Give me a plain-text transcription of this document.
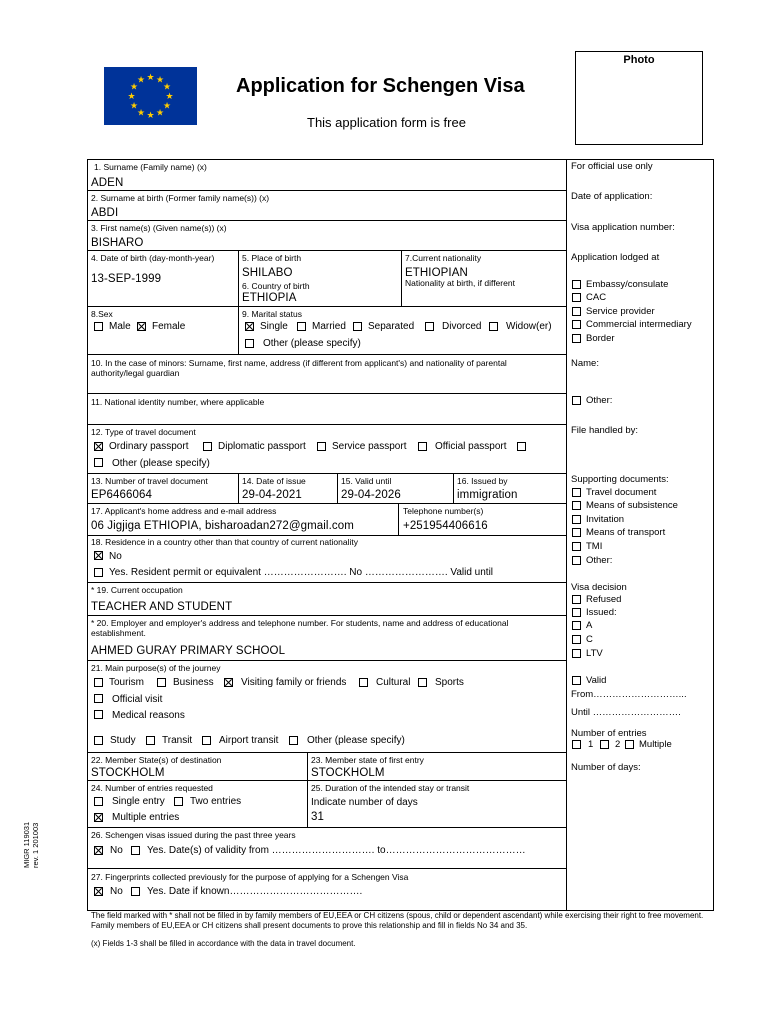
★ ★
★
★
★
★
★
★
★
★
★
★	Application for Schengen Visa
This application form is free
Photo
MIGR 119031
rev. 1 201003
1. Surname (Family name) (x)
ADEN
2. Surname at birth (Former family name(s)) (x)
ABDI
3. First name(s) (Given name(s)) (x)
BISHARO
4. Date of birth (day-month-year)
13-SEP-1999
5. Place of birth
SHILABO
6. Country of birth
ETHIOPIA
7.Current nationality
ETHIOPIAN
Nationality at birth, if different
8.Sex
Male Female
9. Marital status
Single Married Separated	Divorced Widow(er)
Other (please specify)
10. In the case of minors: Surname, first name, address (if different from applicant's) and nationality of parental authority/legal guardian
11. National identity number, where applicable
12. Type of travel document
Ordinary passport	Diplomatic passport	Service passport	Official passport
Other (please specify)
13. Number of travel document
EP6466064
14. Date of issue
29-04-2021
15. Valid until
29-04-2026
16. Issued by
immigration
17. Applicant's home address and e-mail address
06 Jigjiga ETHIOPIA, bisharoadan272@gmail.com
Telephone number(s)
+251954406616
18. Residence in a country other than that country of current nationality
No
Yes. Resident permit or equivalent ……………………. No ……………………. Valid until
* 19. Current occupation
TEACHER AND STUDENT
* 20. Employer and employer's address and telephone number. For students, name and address of educational establishment.
AHMED GURAY PRIMARY SCHOOL
21. Main purpose(s) of the journey
Tourism	Business	Visiting family or friends	Cultural Sports
Official visit
Medical reasons
Study	Transit	Airport transit	Other (please specify)
22. Member State(s) of destination
STOCKHOLM
23. Member state of first entry
STOCKHOLM
24. Number of entries requested
Single entry	Two entries
Multiple entries
25. Duration of the intended stay or transit
Indicate number of days
31
26. Schengen visas issued during the past three years
No Yes. Date(s) of validity from …………………………. to……………………………………
27. Fingerprints collected previously for the purpose of applying for a Schengen Visa
No Yes. Date if known………………………………….
The field marked with * shall not be filled in by family members of EU,EEA or CH citizens (spous, child or dependent ascendant) while exercising their right to free movement. Family members of EU,EEA or CH citizens shall present documents to prove this relationship and fill in fields No 34 and 35.
(x) Fields 1-3 shall be filled in accordance with the data in travel document.
For official use only
Date of application:
Visa application number:
Application lodged at
Embassy/consulate
CAC
Service provider
Commercial intermediary
Border
Name:
Other:
File handled by:
Supporting documents:
Travel document
Means of subsistence
Invitation
Means of transport
TMI
Other:
Visa decision
Refused
Issued:
A
C
LTV
Valid
From………………………...
Until ……………………….
Number of entries
1 2 Multiple
Number of days:
